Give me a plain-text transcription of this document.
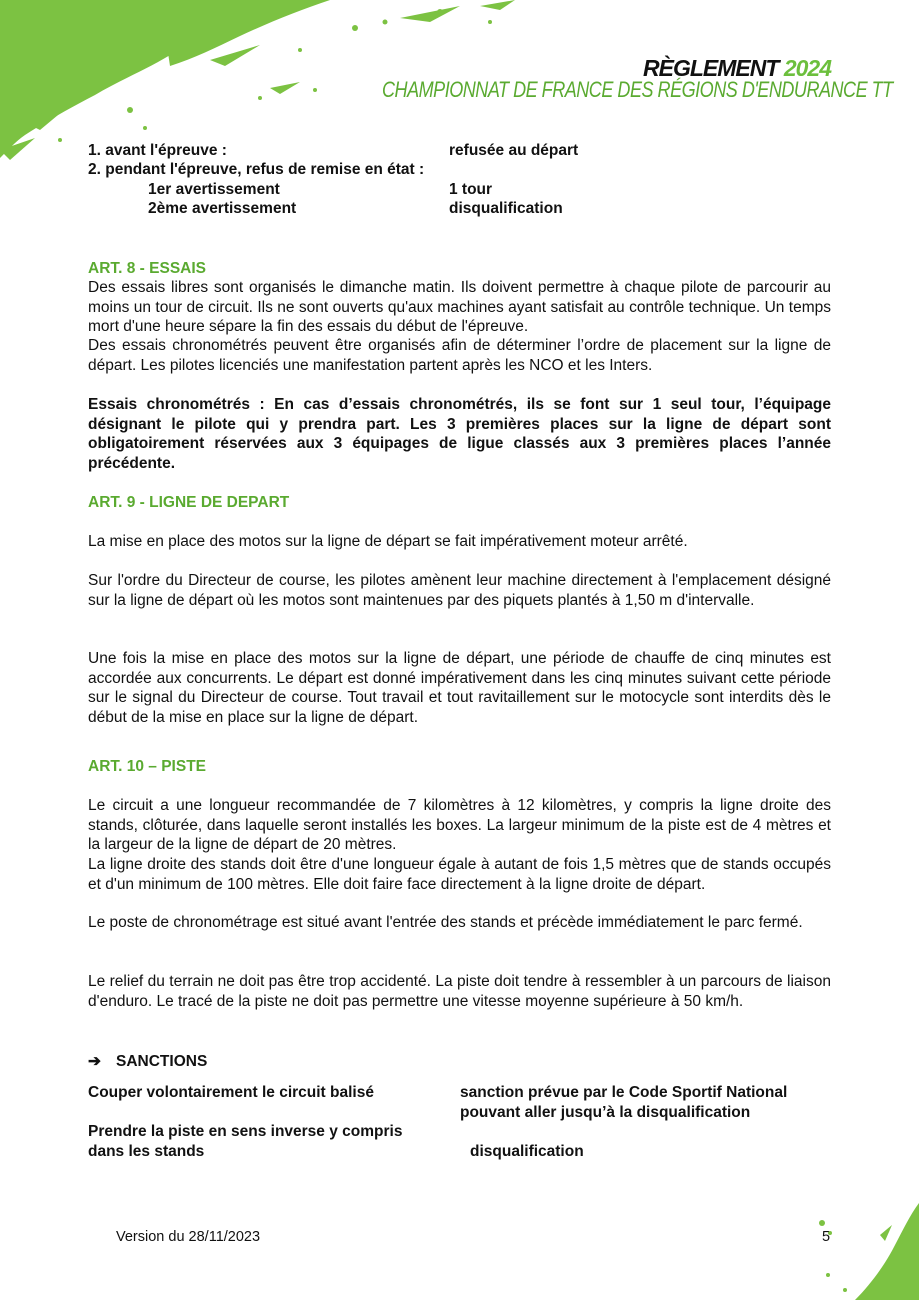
RÈGLEMENT 2024
CHAMPIONNAT DE FRANCE DES RÉGIONS D'ENDURANCE TT
1. avant l'épreuve :	refusée au départ
2. pendant l'épreuve, refus de remise en état :
1er avertissement	1 tour
2ème avertissement	disqualification
ART. 8 - ESSAIS

Des essais libres sont organisés le dimanche matin. Ils doivent permettre à chaque pilote de parcourir au moins un tour de circuit. Ils ne sont ouverts qu'aux machines ayant satisfait au contrôle technique. Un temps mort d'une heure sépare la fin des essais du début de l'épreuve.

Des essais chronométrés peuvent être organisés afin de déterminer l’ordre de placement sur la ligne de départ. Les pilotes licenciés une manifestation partent après les NCO et les Inters.

Essais chronométrés : En cas d’essais chronométrés, ils se font sur 1 seul tour, l’équipage désignant le pilote qui y prendra part. Les 3 premières places sur la ligne de départ sont obligatoirement réservées aux 3 équipages de ligue classés aux 3 premières places l’année précédente.

ART. 9 - LIGNE DE DEPART

La mise en place des motos sur la ligne de départ se fait impérativement moteur arrêté.

Sur l'ordre du Directeur de course, les pilotes amènent leur machine directement à l'emplacement désigné sur la ligne de départ où les motos sont maintenues par des piquets plantés à 1,50 m d'intervalle.

Une fois la mise en place des motos sur la ligne de départ, une période de chauffe de cinq minutes est accordée aux concurrents. Le départ est donné impérativement dans les cinq minutes suivant cette période sur le signal du Directeur de course. Tout travail et tout ravitaillement sur le motocycle sont interdits dès le début de la mise en place sur la ligne de départ.

ART. 10 – PISTE

Le circuit a une longueur recommandée de 7 kilomètres à 12 kilomètres, y compris la ligne droite des stands, clôturée, dans laquelle seront installés les boxes. La largeur minimum de la piste est de 4 mètres et la largeur de la ligne de départ de 20 mètres.

La ligne droite des stands doit être d'une longueur égale à autant de fois 1,5 mètres que de stands occupés et d'un minimum de 100 mètres. Elle doit faire face directement à la ligne droite de départ.

Le poste de chronométrage est situé avant l'entrée des stands et précède immédiatement le parc fermé.

Le relief du terrain ne doit pas être trop accidenté. La piste doit tendre à ressembler à un parcours de liaison d'enduro. Le tracé de la piste ne doit pas permettre une vitesse moyenne supérieure à 50 km/h.

➔ SANCTIONS
Couper volontairement le circuit balisé	sanction prévue par le Code Sportif National
pouvant aller jusqu’à la disqualification
Prendre la piste en sens inverse y compris
dans les stands	disqualification
Version du 28/11/2023	5
